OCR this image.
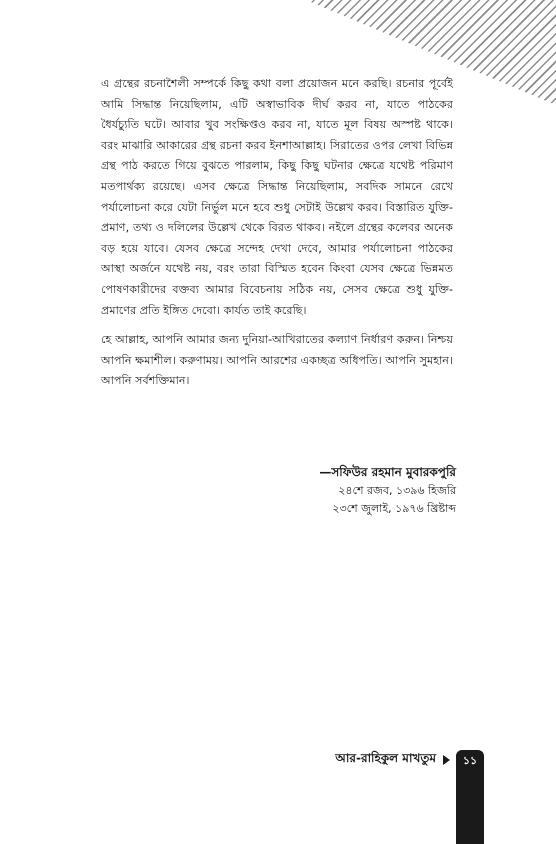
এ গ্রন্থের রচনাশৈলী সম্পর্কে কিছু কথা বলা প্রয়োজন মনে করছি। রচনার পূর্বেই আমি সিদ্ধান্ত নিয়েছিলাম, এটি অস্বাভাবিক দীর্ঘ করব না, যাতে পাঠকের ধৈর্যচ্যুতি ঘটে। আবার খুব সংক্ষিপ্তও করব না, যাতে মূল বিষয় অস্পষ্ট থাকে। বরং মাঝারি আকারের গ্রন্থ রচনা করব ইনশাআল্লাহ। সিরাতের ওপর লেখা বিভিন্ন গ্রন্থ পাঠ করতে গিয়ে বুঝতে পারলাম, কিছু কিছু ঘটনার ক্ষেত্রে যথেষ্ট পরিমাণ মতপার্থক্য রয়েছে। এসব ক্ষেত্রে সিদ্ধান্ত নিয়েছিলাম, সবদিক সামনে রেখে পর্যালোচনা করে যেটা নির্ভুল মনে হবে শুধু সেটাই উল্লেখ করব। বিস্তারিত যুক্তি-প্রমাণ, তথ্য ও দলিলের উল্লেখ থেকে বিরত থাকব। নইলে গ্রন্থের কলেবর অনেক বড় হয়ে যাবে। যেসব ক্ষেত্রে সন্দেহ দেখা দেবে, আমার পর্যালোচনা পাঠকের আস্থা অর্জনে যথেষ্ট নয়, বরং তারা বিস্মিত হবেন কিংবা যেসব ক্ষেত্রে ভিন্নমত পোষণকারীদের বক্তব্য আমার বিবেচনায় সঠিক নয়, সেসব ক্ষেত্রে শুধু যুক্তি-প্রমাণের প্রতি ইঙ্গিত দেবো। কার্যত তাই করেছি।

হে আল্লাহ, আপনি আমার জন্য দুনিয়া-আখিরাতের কল্যাণ নির্ধারণ করুন। নিশ্চয় আপনি ক্ষমাশীল। করুণাময়। আপনি আরশের একচ্ছত্র অধিপতি। আপনি সুমহান। আপনি সর্বশক্তিমান।

—সফিউর রহমান মুবারকপুরি
২৪শে রজব, ১৩৯৬ হিজরি
২৩শে জুলাই, ১৯৭৬ খ্রিষ্টাব্দ
আর-রাহিকুল মাখতুম	১১
